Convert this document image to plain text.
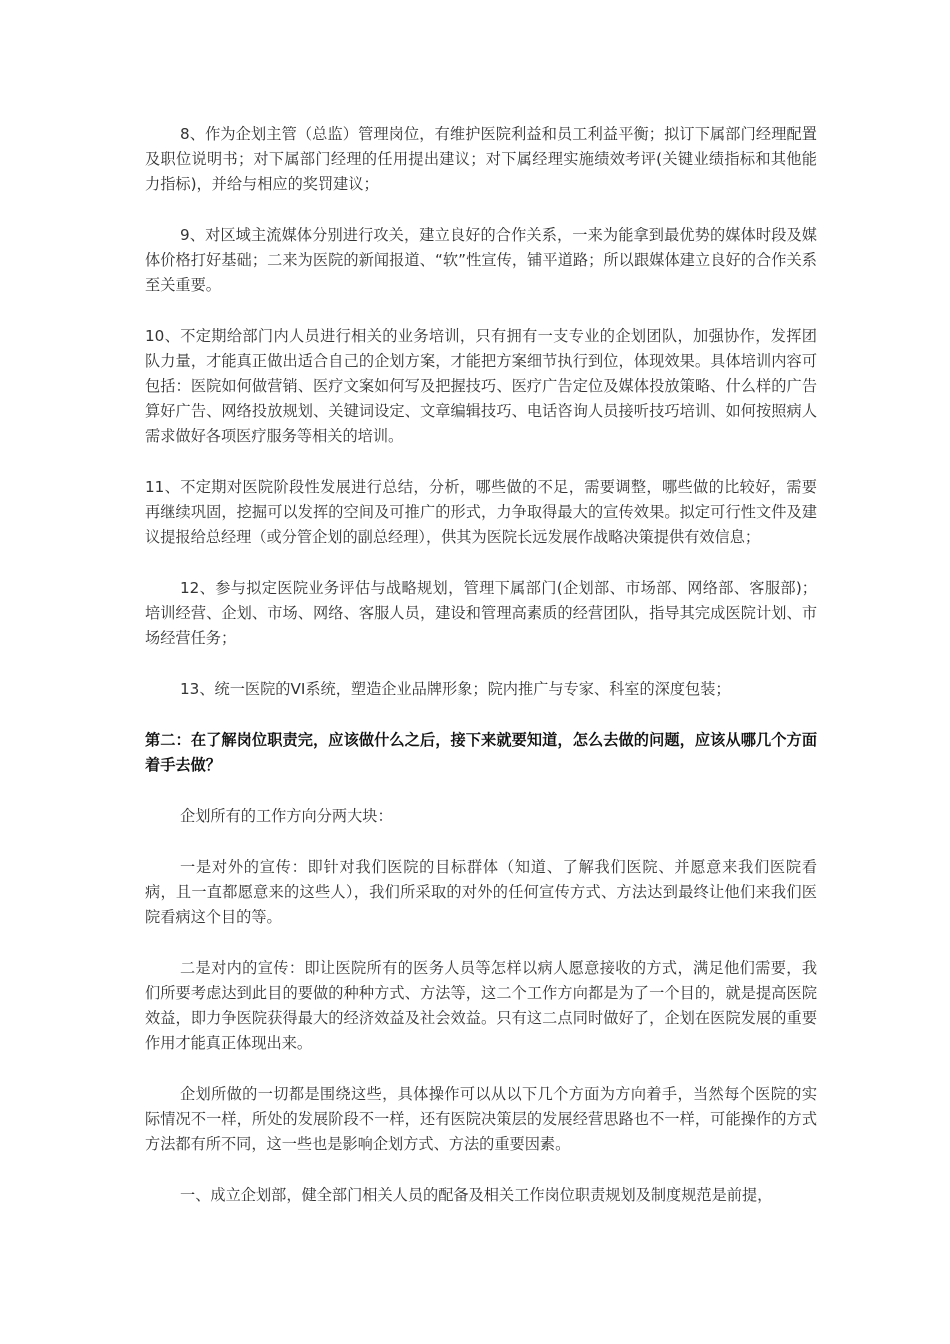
8、作为企划主管（总监）管理岗位，有维护医院利益和员工利益平衡；拟订下属部门经理配置及职位说明书；对下属部门经理的任用提出建议；对下属经理实施绩效考评(关键业绩指标和其他能力指标)，并给与相应的奖罚建议；

9、对区域主流媒体分别进行攻关，建立良好的合作关系，一来为能拿到最优势的媒体时段及媒体价格打好基础；二来为医院的新闻报道、“软”性宣传，铺平道路；所以跟媒体建立良好的合作关系至关重要。

10、不定期给部门内人员进行相关的业务培训，只有拥有一支专业的企划团队，加强协作，发挥团队力量，才能真正做出适合自己的企划方案，才能把方案细节执行到位，体现效果。具体培训内容可包括：医院如何做营销、医疗文案如何写及把握技巧、医疗广告定位及媒体投放策略、什么样的广告算好广告、网络投放规划、关键词设定、文章编辑技巧、电话咨询人员接听技巧培训、如何按照病人需求做好各项医疗服务等相关的培训。

11、不定期对医院阶段性发展进行总结，分析，哪些做的不足，需要调整，哪些做的比较好，需要再继续巩固，挖掘可以发挥的空间及可推广的形式，力争取得最大的宣传效果。拟定可行性文件及建议提报给总经理（或分管企划的副总经理），供其为医院长远发展作战略决策提供有效信息；

12、参与拟定医院业务评估与战略规划，管理下属部门(企划部、市场部、网络部、客服部)；培训经营、企划、市场、网络、客服人员，建设和管理高素质的经营团队，指导其完成医院计划、市场经营任务；

13、统一医院的VI系统，塑造企业品牌形象；院内推广与专家、科室的深度包装；

第二：在了解岗位职责完，应该做什么之后，接下来就要知道，怎么去做的问题，应该从哪几个方面着手去做？

企划所有的工作方向分两大块：

一是对外的宣传：即针对我们医院的目标群体（知道、了解我们医院、并愿意来我们医院看病，且一直都愿意来的这些人），我们所采取的对外的任何宣传方式、方法达到最终让他们来我们医院看病这个目的等。

二是对内的宣传：即让医院所有的医务人员等怎样以病人愿意接收的方式，满足他们需要，我们所要考虑达到此目的要做的种种方式、方法等，这二个工作方向都是为了一个目的，就是提高医院效益，即力争医院获得最大的经济效益及社会效益。只有这二点同时做好了，企划在医院发展的重要作用才能真正体现出来。

企划所做的一切都是围绕这些，具体操作可以从以下几个方面为方向着手，当然每个医院的实际情况不一样，所处的发展阶段不一样，还有医院决策层的发展经营思路也不一样，可能操作的方式方法都有所不同，这一些也是影响企划方式、方法的重要因素。

一、成立企划部，健全部门相关人员的配备及相关工作岗位职责规划及制度规范是前提，
